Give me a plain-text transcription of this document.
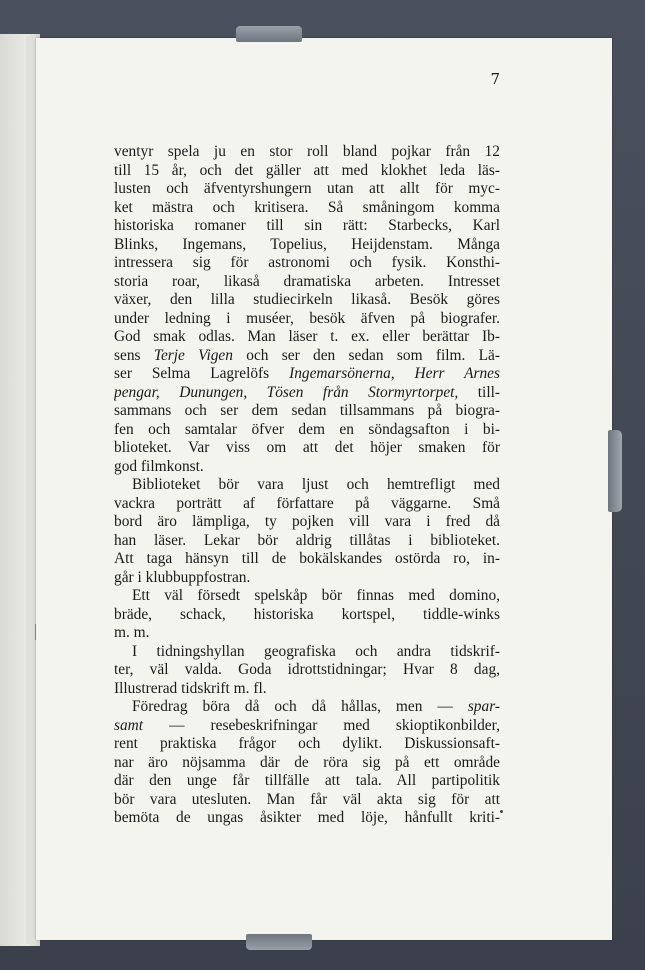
7
ventyr spela ju en stor roll bland pojkar från 12
till 15 år, och det gäller att med klokhet leda läs-
lusten och äfventyrshungern utan att allt för myc-
ket mästra och kritisera. Så småningom komma
historiska romaner till sin rätt: Starbecks, Karl
Blinks, Ingemans, Topelius, Heijdenstam. Många
intressera sig för astronomi och fysik. Konsthi-
storia roar, likaså dramatiska arbeten. Intresset
växer, den lilla studiecirkeln likaså. Besök göres
under ledning i muséer, besök äfven på biografer.
God smak odlas. Man läser t. ex. eller berättar Ib-
sens Terje Vigen och ser den sedan som film. Lä-
ser Selma Lagrelöfs Ingemarsönerna, Herr Arnes
pengar, Dunungen, Tösen från Stormyrtorpet, till-
sammans och ser dem sedan tillsammans på biogra-
fen och samtalar öfver dem en söndagsafton i bi-
blioteket. Var viss om att det höjer smaken för
god filmkonst.
Biblioteket bör vara ljust och hemtrefligt med
vackra porträtt af författare på väggarne. Små
bord äro lämpliga, ty pojken vill vara i fred då
han läser. Lekar bör aldrig tillåtas i biblioteket.
Att taga hänsyn till de bokälskandes ostörda ro, in-
går i klubbuppfostran.
Ett väl försedt spelskåp bör finnas med domino,
bräde, schack, historiska kortspel, tiddle-winks
m. m.
I tidningshyllan geografiska och andra tidskrif-
ter, väl valda. Goda idrottstidningar; Hvar 8 dag,
Illustrerad tidskrift m. fl.
Föredrag böra då och då hållas, men — spar-
samt — resebeskrifningar med skioptikonbilder,
rent praktiska frågor och dylikt. Diskussionsaft-
nar äro nöjsamma där de röra sig på ett område
där den unge får tillfälle att tala. All partipolitik
bör vara utesluten. Man får väl akta sig för att
bemöta de ungas åsikter med löje, hånfullt kriti-
